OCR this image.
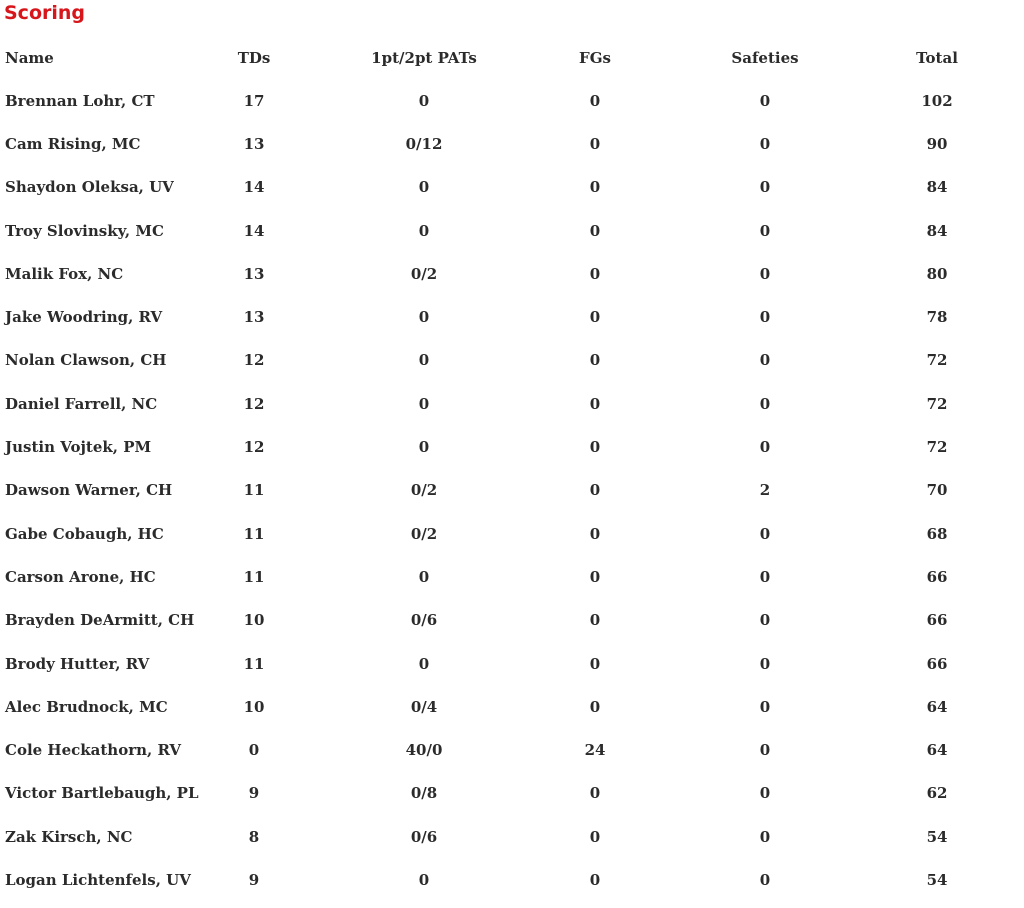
Scoring
Name	TDs	1pt/2pt PATs	FGs	Safeties	Total
Brennan Lohr, CT	17	0	0	0	102
Cam Rising, MC	13	0/12	0	0	90
Shaydon Oleksa, UV	14	0	0	0	84
Troy Slovinsky, MC	14	0	0	0	84
Malik Fox, NC	13	0/2	0	0	80
Jake Woodring, RV	13	0	0	0	78
Nolan Clawson, CH	12	0	0	0	72
Daniel Farrell, NC	12	0	0	0	72
Justin Vojtek, PM	12	0	0	0	72
Dawson Warner, CH	11	0/2	0	2	70
Gabe Cobaugh, HC	11	0/2	0	0	68
Carson Arone, HC	11	0	0	0	66
Brayden DeArmitt, CH	10	0/6	0	0	66
Brody Hutter, RV	11	0	0	0	66
Alec Brudnock, MC	10	0/4	0	0	64
Cole Heckathorn, RV	0	40/0	24	0	64
Victor Bartlebaugh, PL	9	0/8	0	0	62
Zak Kirsch, NC	8	0/6	0	0	54
Logan Lichtenfels, UV	9	0	0	0	54
